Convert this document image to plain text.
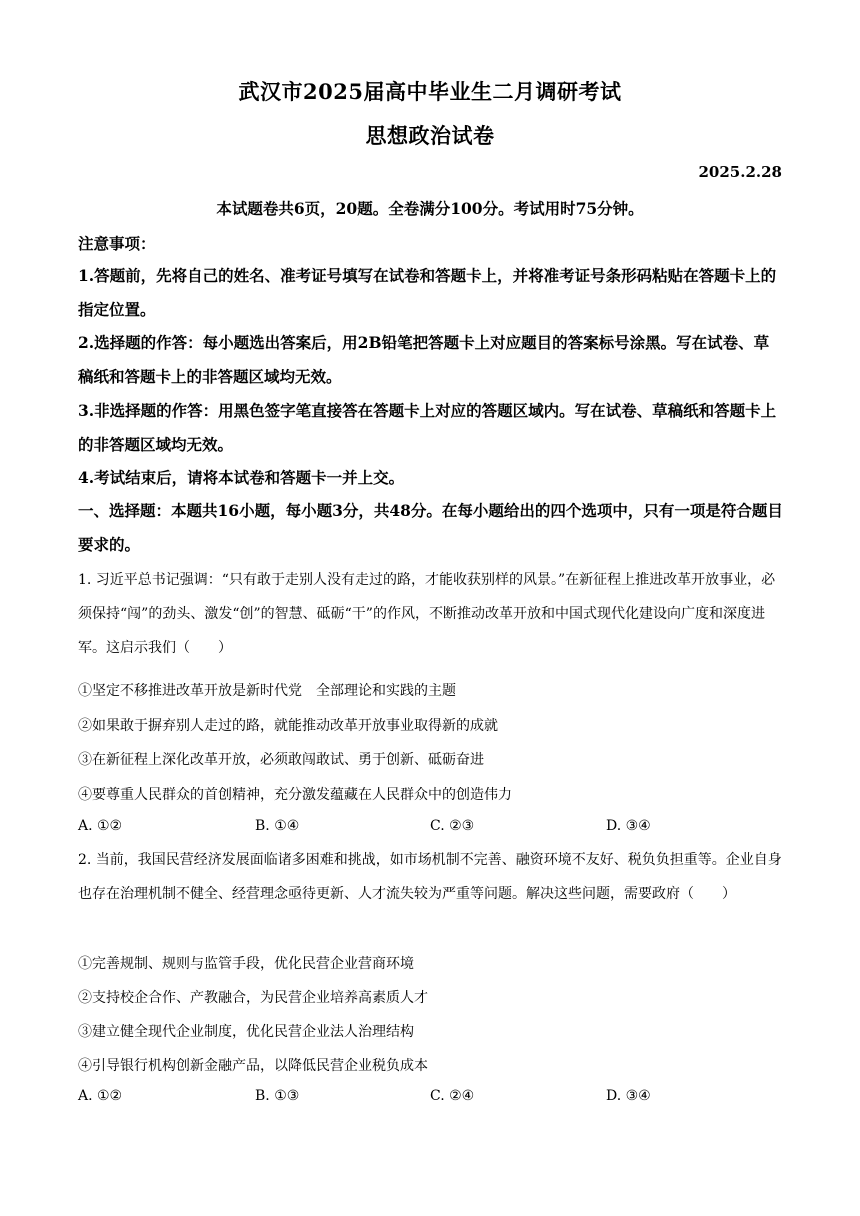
武汉市2025届高中毕业生二月调研考试
思想政治试卷
2025.2.28
本试题卷共6页，20题。全卷满分100分。考试用时75分钟。
注意事项：
1.答题前，先将自己的姓名、准考证号填写在试卷和答题卡上，并将准考证号条形码粘贴在答题卡上的指定位置。
2.选择题的作答：每小题选出答案后，用2B铅笔把答题卡上对应题目的答案标号涂黑。写在试卷、草稿纸和答题卡上的非答题区域均无效。
3.非选择题的作答：用黑色签字笔直接答在答题卡上对应的答题区域内。写在试卷、草稿纸和答题卡上的非答题区域均无效。
4.考试结束后，请将本试卷和答题卡一并上交。
一、选择题：本题共16小题，每小题3分，共48分。在每小题给出的四个选项中，只有一项是符合题目要求的。
1. 习近平总书记强调：“只有敢于走别人没有走过的路，才能收获别样的风景。”在新征程上推进改革开放事业，必须保持“闯”的劲头、激发“创”的智慧、砥砺“干”的作风，不断推动改革开放和中国式现代化建设向广度和深度进军。这启示我们（　　）
①坚定不移推进改革开放是新时代党　全部理论和实践的主题
②如果敢于摒弃别人走过的路，就能推动改革开放事业取得新的成就
③在新征程上深化改革开放，必须敢闯敢试、勇于创新、砥砺奋进
④要尊重人民群众的首创精神，充分激发蕴藏在人民群众中的创造伟力
A. ①②	B. ①④	C. ②③	D. ③④
2. 当前，我国民营经济发展面临诸多困难和挑战，如市场机制不完善、融资环境不友好、税负负担重等。企业自身也存在治理机制不健全、经营理念亟待更新、人才流失较为严重等问题。解决这些问题，需要政府（　　）
①完善规制、规则与监管手段，优化民营企业营商环境
②支持校企合作、产教融合，为民营企业培养高素质人才
③建立健全现代企业制度，优化民营企业法人治理结构
④引导银行机构创新金融产品，以降低民营企业税负成本
A. ①②	B. ①③	C. ②④	D. ③④
